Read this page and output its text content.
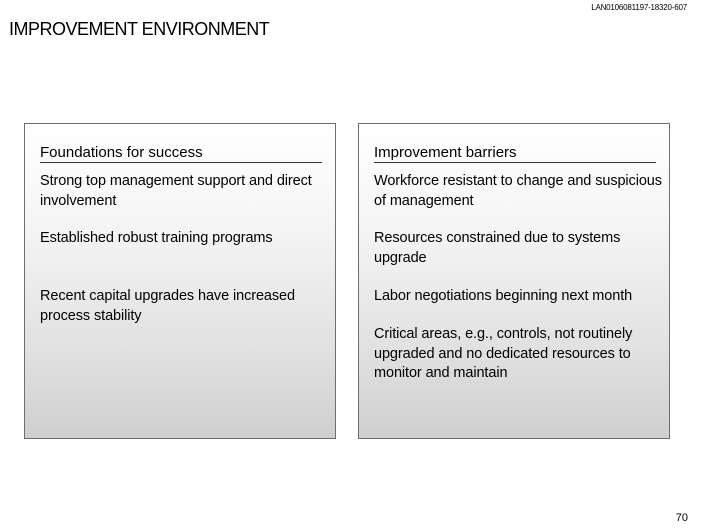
LAN0106081197-18320-607
IMPROVEMENT ENVIRONMENT
Foundations for success
Strong top management support and direct involvement
Established robust training programs
Recent capital upgrades have increased process stability
Improvement barriers
Workforce resistant to change and suspicious of management
Resources constrained due to systems upgrade
Labor negotiations beginning next month
Critical areas, e.g., controls, not routinely upgraded and no dedicated resources to monitor and maintain
70
